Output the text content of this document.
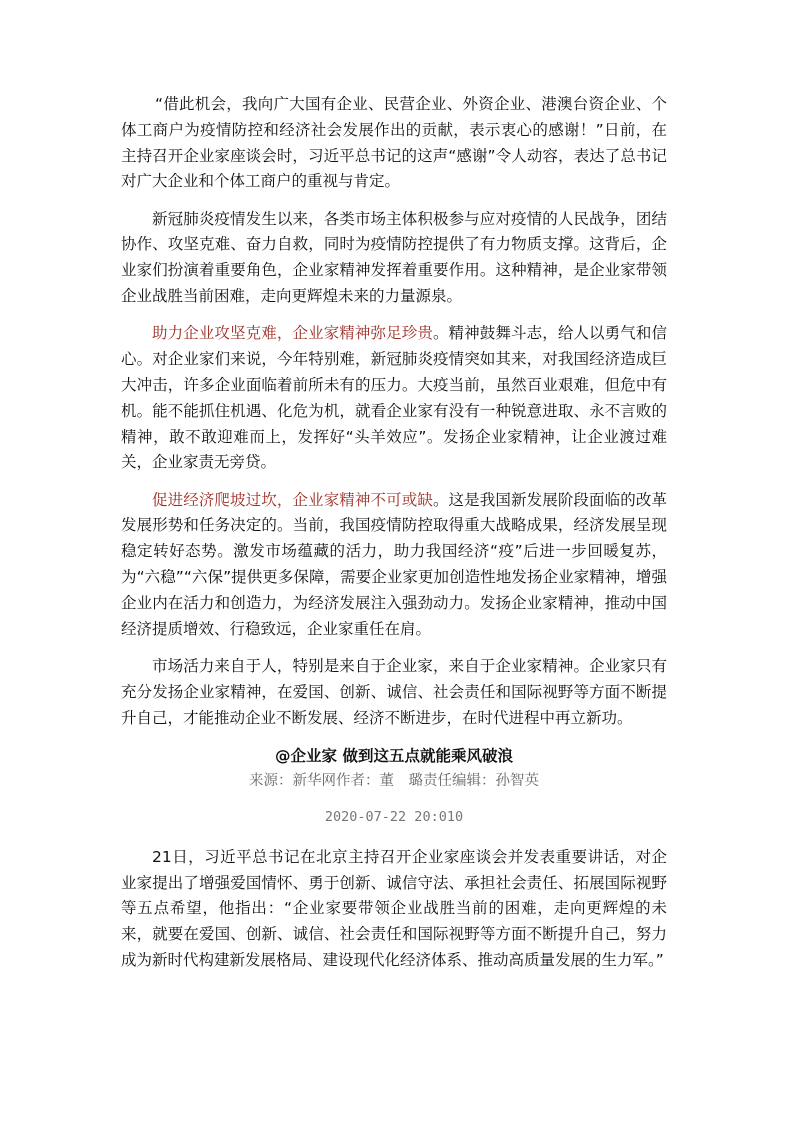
“借此机会，我向广大国有企业、民营企业、外资企业、港澳台资企业、个体工商户为疫情防控和经济社会发展作出的贡献，表示衷心的感谢！”日前，在主持召开企业家座谈会时，习近平总书记的这声“感谢”令人动容，表达了总书记对广大企业和个体工商户的重视与肯定。

新冠肺炎疫情发生以来，各类市场主体积极参与应对疫情的人民战争，团结协作、攻坚克难、奋力自救，同时为疫情防控提供了有力物质支撑。这背后，企业家们扮演着重要角色，企业家精神发挥着重要作用。这种精神，是企业家带领企业战胜当前困难，走向更辉煌未来的力量源泉。

助力企业攻坚克难，企业家精神弥足珍贵。精神鼓舞斗志，给人以勇气和信心。对企业家们来说，今年特别难，新冠肺炎疫情突如其来，对我国经济造成巨大冲击，许多企业面临着前所未有的压力。大疫当前，虽然百业艰难，但危中有机。能不能抓住机遇、化危为机，就看企业家有没有一种锐意进取、永不言败的精神，敢不敢迎难而上，发挥好“头羊效应”。发扬企业家精神，让企业渡过难关，企业家责无旁贷。

促进经济爬坡过坎，企业家精神不可或缺。这是我国新发展阶段面临的改革发展形势和任务决定的。当前，我国疫情防控取得重大战略成果，经济发展呈现稳定转好态势。激发市场蕴藏的活力，助力我国经济“疫”后进一步回暖复苏，为“六稳”“六保”提供更多保障，需要企业家更加创造性地发扬企业家精神，增强企业内在活力和创造力，为经济发展注入强劲动力。发扬企业家精神，推动中国经济提质增效、行稳致远，企业家重任在肩。

市场活力来自于人，特别是来自于企业家，来自于企业家精神。企业家只有充分发扬企业家精神，在爱国、创新、诚信、社会责任和国际视野等方面不断提升自己，才能推动企业不断发展、经济不断进步，在时代进程中再立新功。

@企业家 做到这五点就能乘风破浪
来源：新华网作者：董　璐责任编辑：孙智英
2020-07-22 20:010

21日，习近平总书记在北京主持召开企业家座谈会并发表重要讲话，对企业家提出了增强爱国情怀、勇于创新、诚信守法、承担社会责任、拓展国际视野等五点希望，他指出：“企业家要带领企业战胜当前的困难，走向更辉煌的未来，就要在爱国、创新、诚信、社会责任和国际视野等方面不断提升自己，努力成为新时代构建新发展格局、建设现代化经济体系、推动高质量发展的生力军。”
